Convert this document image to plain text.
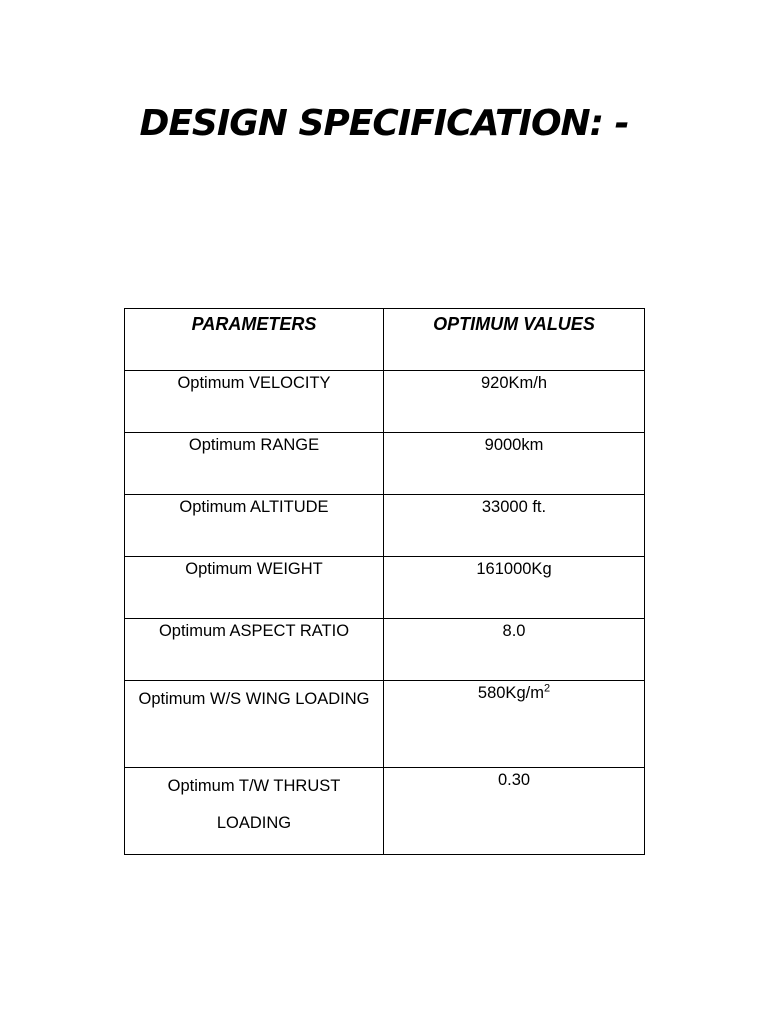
DESIGN SPECIFICATION: -
PARAMETERS	OPTIMUM VALUES
Optimum VELOCITY	920Km/h
Optimum RANGE	9000km
Optimum ALTITUDE	33000 ft.
Optimum WEIGHT	161000Kg
Optimum ASPECT RATIO	8.0
Optimum W/S WING LOADING	$580Kg/m^2$
Optimum T/W THRUST LOADING	0.30
